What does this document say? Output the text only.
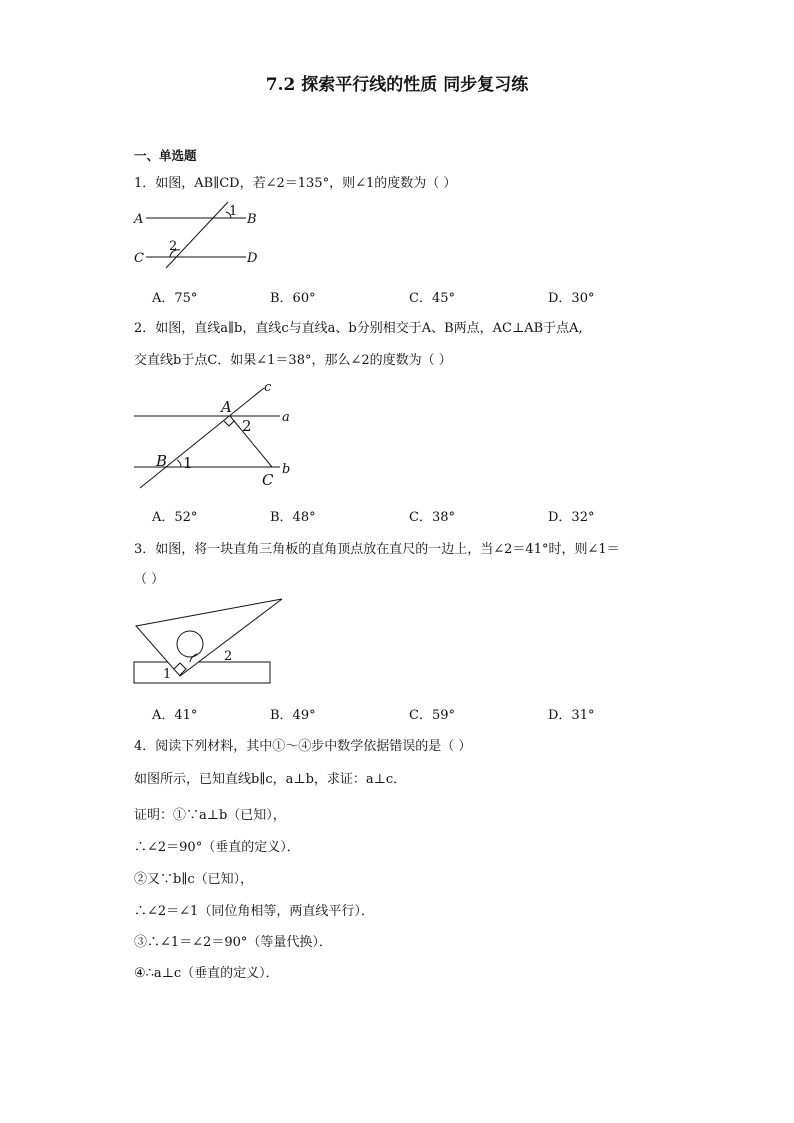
7.2 探索平行线的性质 同步复习练
一、单选题
1．如图，AB∥CD，若∠2＝135°，则∠1的度数为（ ）
A	B
C	D
1
2
A．75°	B．60°	C．45°	D．30°
2．如图，直线a∥b，直线c与直线a、b分别相交于A、B两点，AC⊥AB于点A,
交直线b于点C．如果∠1＝38°，那么∠2的度数为（ ）
c
a
b
A
B
C
2
1
A．52°	B．48°	C．38°	D．32°
3．如图，将一块直角三角板的直角顶点放在直尺的一边上，当∠2＝41°时，则∠1＝
（ ）
2
1
A．41°	B．49°	C．59°	D．31°
4．阅读下列材料，其中①～④步中数学依据错误的是（ ）
如图所示，已知直线b∥c，a⊥b，求证：a⊥c．
证明：①∵a⊥b（已知），
∴∠2＝90°（垂直的定义）．
②又∵b∥c（已知），
∴∠2＝∠1（同位角相等，两直线平行）．
③∴∠1＝∠2＝90°（等量代换）．
④∴a⊥c（垂直的定义）．
